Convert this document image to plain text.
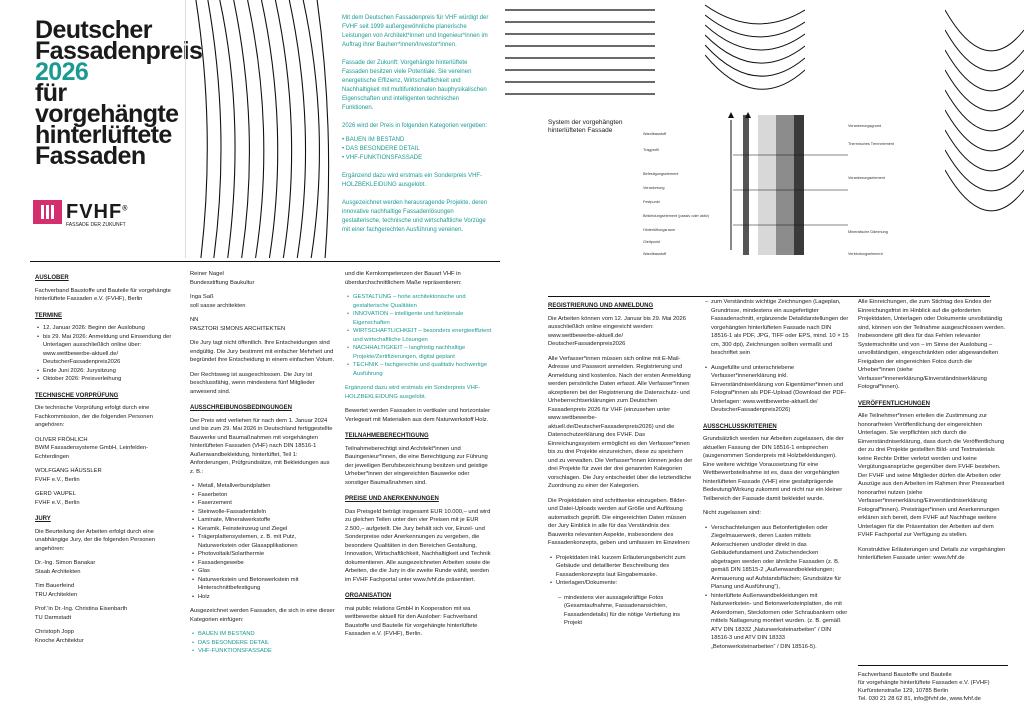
Deutscher
Fassadenpreis
2026
für
vorgehängte
hinterlüftete
Fassaden
FVHF®
FASSADE DER ZUKUNFT

Mit dem Deutschen Fassadenpreis für VHF würdigt der FVHF seit 1999 außergewöhnliche planerische Leistungen von Architekt*innen und Ingenieur*innen im Auftrag ihrer Bauherr*innen/Investor*innen.

Fassade der Zukunft: Vorgehängte hinterlüftete Fassaden besitzen viele Potentiale. Sie vereinen energetische Effizienz, Wirtschaftlichkeit und Nachhaltigkeit mit multifunktionalen bauphysikalischen Eigenschaften und intelligenten technischen Funktionen.

2026 wird der Preis in folgenden Kategorien vergeben:

• BAUEN IM BESTAND
• DAS BESONDERE DETAIL
• VHF-FUNKTIONSFASSADE

Ergänzend dazu wird erstmals ein Sonderpreis VHF-HOLZBEKLEIDUNG ausgelobt.

Ausgezeichnet werden herausragende Projekte, deren innovative nachhaltige Fassadenlösungen gestalterische, technische und wirtschaftliche Vorzüge mit einer fachgerechten Ausführung vereinen.

System der vorgehängten hinterlüfteten Fassade	Wandbaustoff
Tragprofil
Befestigungselement
Verankerung
Festpunkt
Bekleidungselement (passiv oder aktiv)
Hinterlüftungsraum
Gleitpunkt
Wandbaustoff
Verankerungsgrund
Thermisches Trennelement
Verankerungselement
Mineralische Dämmung
Verbindungselement
AUSLOBER

Fachverband Baustoffe und Bauteile für vorgehängte hinterlüftete Fassaden e.V. (FVHF), Berlin

TERMINE
• 12. Januar 2026: Beginn der Auslobung
• bis 29. Mai 2026: Anmeldung und Einsendung der Unterlagen ausschließlich online über: www.wettbewerbe-aktuell.de/ DeutscherFassadenpreis2026
• Ende Juni 2026: Jurysitzung
• Oktober 2026: Preisverleihung
TECHNISCHE VORPRÜFUNG

Die technische Vorprüfung erfolgt durch eine Fachkommission, der die folgenden Personen angehören:

OLIVER FRÖHLICH
BWM Fassadensysteme GmbH, Leinfelden-Echterdingen
WOLFGANG HÄUSSLER
FVHF e.V., Berlin
GERD VAUPEL
FVHF e.V., Berlin
JURY

Die Beurteilung der Arbeiten erfolgt durch eine unabhängige Jury, der die folgenden Personen angehören:

Dr.-Ing. Simon Banakar
Staab Architekten
Tim Bauerfeind
TRU Architekten
Prof.'in Dr.-Ing. Christina Eisenbarth
TU Darmstadt
Christoph Jopp
Knoche Architektur
Reiner Nagel
Bundesstiftung Baukultur
Inga Saß
soll sasse architekten
NN
PASZTORI SIMONS ARCHITEKTEN

Die Jury tagt nicht öffentlich. Ihre Entscheidungen sind endgültig. Die Jury bestimmt mit einfacher Mehrheit und begründet ihre Entscheidung in einem einfachen Votum.

Der Rechtsweg ist ausgeschlossen. Die Jury ist beschlussfähig, wenn mindestens fünf Mitglieder anwesend sind.

AUSSCHREIBUNGSBEDINGUNGEN

Der Preis wird verliehen für nach dem 1. Januar 2024 und bis zum 29. Mai 2026 in Deutschland fertiggestellte Bauwerke und Baumaßnahmen mit vorgehängten hinterlüfteten Fassaden (VHF) nach DIN 18516-1 Außenwandbekleidung, hinterlüftet, Teil 1: Anforderungen, Prüfgrundsätze, mit Bekleidungen aus z. B.:

• Metall, Metallverbundplatten
• Faserbeton
• Faserzement
• Steinwolle-Fassadentafeln
• Laminate, Mineralwerkstoffe
• Keramik, Feinsteinzeug und Ziegel
• Trägerplattensystemen, z. B. mit Putz, Naturwerkstein oder Glasapplikationen
• Photovoltaik/Solarthermie
• Fassadengewebe
• Glas
• Naturwerkstein und Betonwerkstein mit Hinterschnittbefestigung
• Holz

Ausgezeichnet werden Fassaden, die sich in eine dieser Kategorien einfügen:

• BAUEN IM BESTAND
• DAS BESONDERE DETAIL
• VHF-FUNKTIONSFASSADE

und die Kernkompetenzen der Bauart VHF in überdurchschnittlichem Maße repräsentieren:

• GESTALTUNG – hohe architektonische und gestalterische Qualitäten
• INNOVATION – intelligente und funktionale Eigenschaften
• WIRTSCHAFTLICHKEIT – besonders energieeffizient und wirtschaftliche Lösungen
• NACHHALTIGKEIT – langfristig nachhaltige Projekte/Zertifizierungen, digital geplant
• TECHNIK – fachgerechte und qualitativ hochwertige Ausführung

Ergänzend dazu wird erstmals ein Sonderpreis VHF-HOLZBEKLEIDUNG ausgelobt.

Bewertet werden Fassaden in vertikaler und horizontaler Verlegeart mit Materialien aus dem Naturwerkstoff Holz.

TEILNAHMEBERECHTIGUNG

Teilnahmeberechtigt sind Architekt*innen und Bauingenieur*innen, die eine Berechtigung zur Führung der jeweiligen Berufsbezeichnung besitzen und geistige Urheber*innen der eingereichten Bauwerke oder sonstiger Baumaßnahmen sind.

PREISE UND ANERKENNUNGEN

Das Preisgeld beträgt insgesamt EUR 10.000,– und wird zu gleichen Teilen unter den vier Preisen mit je EUR 2.500,– aufgeteilt. Die Jury behält sich vor, Einzel- und Sonderpreise oder Anerkennungen zu vergeben, die besondere Qualitäten in den Bereichen Gestaltung, Innovation, Wirtschaftlichkeit, Nachhaltigkeit und Technik dokumentieren. Alle ausgezeichneten Arbeiten sowie die Arbeiten, die die Jury in die zweite Runde wählt, werden im FVHF Fachportal unter www.fvhf.de präsentiert.

ORGANISATION

mai public relations GmbH in Kooperation mit wa wettbewerbe aktuell für den Auslober: Fachverband Baustoffe und Bauteile für vorgehängte hinterlüftete Fassaden e.V. (FVHF), Berlin.

REGISTRIERUNG UND ANMELDUNG

Die Arbeiten können vom 12. Januar bis 29. Mai 2026 ausschließlich online eingereicht werden: www.wettbewerbe-aktuell.de/ DeutscherFassadenpreis2026

Alle Verfasser*innen müssen sich online mit E-Mail-Adresse und Passwort anmelden. Registrierung und Anmeldung sind kostenlos. Nach der ersten Anmeldung werden persönliche Daten erfasst. Alle Verfasser*innen akzeptieren bei der Registrierung die Datenschutz- und Urheberrechtserklärungen zum Deutschen Fassadenpreis 2026 für VHF (einzusehen unter www.wettbewerbe-aktuell.de/DeutscherFassadenpreis2026) und die Datenschutzerklärung des FVHF. Das Einreichungssystem ermöglicht es den Verfasser*innen bis zu drei Projekte einzureichen, diese zu speichern und zu verwalten. Die Verfasser*innen können jedes der drei Projekte für zwei der drei genannten Kategorien vorschlagen. Die Jury entscheidet über die letztendliche Zuordnung zu einer der Kategorien.

Die Projektdaten sind schrittweise einzugeben. Bilder- und Datei-Uploads werden auf Größe und Auflösung automatisch geprüft. Die eingereichten Daten müssen der Jury Einblick in alle für das Verständnis des Bauwerks relevanten Aspekte, insbesondere des Fassadenkonzepts, geben und umfassen im Einzelnen:

• Projektdaten inkl. kurzem Erläuterungsbericht zum Gebäude und detaillierter Beschreibung des Fassadenkonzepts laut Eingabemaske.
• Unterlagen/Dokumente:
– mindestens vier aussagekräftige Fotos (Gesamtaufnahme, Fassadenansichten, Fassadendetails) für die nötige Vertiefung ins Projekt
– zum Verständnis wichtige Zeichnungen (Lageplan, Grundrisse, mindestens ein ausgefertigter Fassadenschnitt, ergänzende Detaildarstellungen der vorgehängten hinterlüfteten Fassade nach DIN 18516-1 als PDF, JPG, TIFF oder EPS, mind. 10 × 15 cm, 300 dpi), Zeichnungen sollten vermaßt und beschriftet sein
• Ausgefüllte und unterschriebene Verfasser*innenerklärung inkl. Einverständniserklärung von Eigentümer*innen und Fotograf*innen als PDF-Upload (Download der PDF-Unterlagen: www.wettbewerbe-aktuell.de/ DeutscherFassadenpreis2026)
AUSSCHLUSSKRITERIEN

Grundsätzlich werden nur Arbeiten zugelassen, die der aktuellen Fassung der DIN 18516-1 entsprechen (ausgenommen Sonderpreis mit Holzbekleidungen). Eine weitere wichtige Voraussetzung für eine Wettbewerbsteilnahme ist es, dass der vorgehängten hinterlüfteten Fassade (VHF) eine gestaltprägende Bedeutung/Wirkung zukommt und nicht nur ein kleiner Teilbereich der Fassade damit bekleidet wurde.

Nicht zugelassen sind:

• Verschachtelungen aus Betonfertigteilen oder Ziegelmauerwerk, deren Lasten mittels Ankerschienen und/oder direkt in das Gebäudefundament und Zwischendecken abgetragen werden oder ähnliche Fassaden (z. B. gemäß DIN 18515-2 „Außenwandbekleidungen; Anmauerung auf Aufstandsflächen; Grundsätze für Planung und Ausführung“),
• hinterlüftete Außenwandbekleidungen mit Naturwerkstein- und Betonwerksteinplatten, die mit Ankerdornen, Steckdornen oder Schraubankern oder mittels Natlagerung montiert wurden. (z. B. gemäß ATV DIN 18332 „Naturwerksteinarbeiten“ / DIN 18516-3 und ATV DIN 18333 „Betonwerksteinarbeiten“ / DIN 18516-5).

Alle Einreichungen, die zum Stichtag des Endes der Einreichungsfrist im Hinblick auf die geforderten Projektdaten, Unterlagen oder Dokumente unvollständig sind, können von der Teilnahme ausgeschlossen werden. Insbesondere gilt dies für das Fehlen relevanter Systemschnitte und von – im Sinne der Auslobung – unvollständigen, eingeschränkten oder abgewandelten Freigaben der eingereichten Fotos durch die Urheber*innen (siehe Verfasser*innenerklärung/Einverständniserklärung Fotograf*innen).

VERÖFFENTLICHUNGEN

Alle Teilnehmer*innen erteilen die Zustimmung zur honorarfreien Veröffentlichung der eingereichten Unterlagen. Sie verpflichten sich durch die Einverständniserklärung, dass durch die Veröffentlichung der zu drei Projekte gestellten Bild- und Textmaterials keine Rechte Dritter verletzt werden und keine Vergütungsansprüche gegenüber dem FVHF bestehen. Der FVHF und seine Mitglieder dürfen die Arbeiten oder Auszüge aus den Arbeiten im Rahmen ihrer Pressearbeit honorarfrei nutzen (siehe Verfasser*innenerklärung/Einverständniserklärung Fotograf*innen). Preisträger*innen und Anerkennungen erklären sich bereit, dem FVHF auf Nachfrage weitere Unterlagen für die Präsentation der Arbeiten auf dem FVHF Fachportal zur Verfügung zu stellen.

Konstruktive Erläuterungen und Details zur vorgehängten hinterlüfteten Fassade unter: www.fvhf.de

Fachverband Baustoffe und Bauteile
für vorgehängte hinterlüftete Fassaden e.V. (FVHF)
Kurfürstenstraße 129, 10785 Berlin
Tel. 030 21 28 62 81, info@fvhf.de, www.fvhf.de
